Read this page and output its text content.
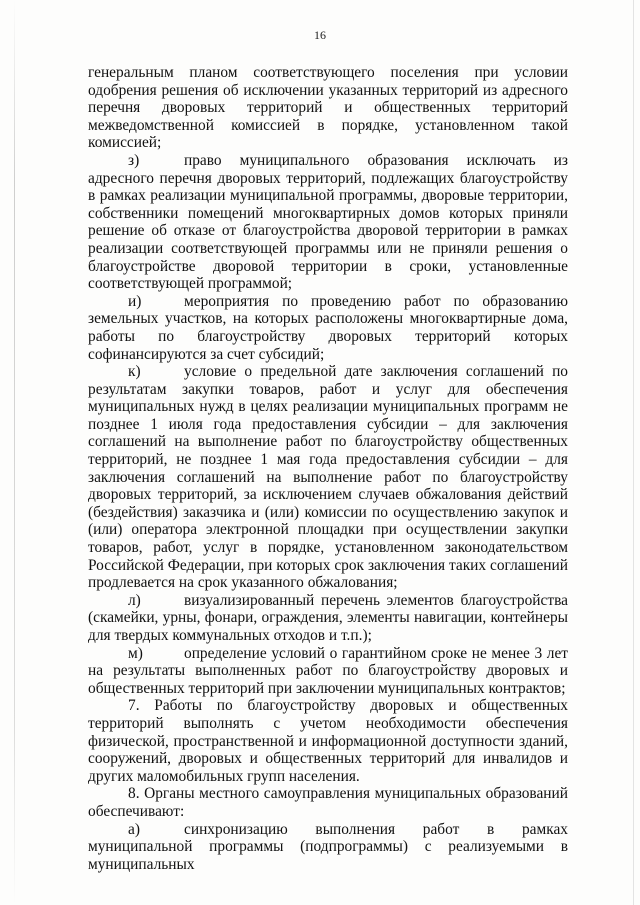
16

генеральным планом соответствующего поселения при условии одобрения решения об исключении указанных территорий из адресного перечня дворовых территорий и общественных территорий межведомственной комиссией в порядке, установленном такой комиссией;

з)	право муниципального образования исключать из адресного перечня дворовых территорий, подлежащих благоустройству в рамках реализации муниципальной программы, дворовые территории, собственники помещений многоквартирных домов которых приняли решение об отказе от благоустройства дворовой территории в рамках реализации соответствующей программы или не приняли решения о благоустройстве дворовой территории в сроки, установленные соответствующей программой;

и)	мероприятия по проведению работ по образованию земельных участков, на которых расположены многоквартирные дома, работы по благоустройству дворовых территорий которых софинансируются за счет субсидий;

к)	условие о предельной дате заключения соглашений по результатам закупки товаров, работ и услуг для обеспечения муниципальных нужд в целях реализации муниципальных программ не позднее 1 июля года предоставления субсидии – для заключения соглашений на выполнение работ по благоустройству общественных территорий, не позднее 1 мая года предоставления субсидии – для заключения соглашений на выполнение работ по благоустройству дворовых территорий, за исключением случаев обжалования действий (бездействия) заказчика и (или) комиссии по осуществлению закупок и (или) оператора электронной площадки при осуществлении закупки товаров, работ, услуг в порядке, установленном законодательством Российской Федерации, при которых срок заключения таких соглашений продлевается на срок указанного обжалования;

л)	визуализированный перечень элементов благоустройства (скамейки, урны, фонари, ограждения, элементы навигации, контейнеры для твердых коммунальных отходов и т.п.);

м)	определение условий о гарантийном сроке не менее 3 лет на результаты выполненных работ по благоустройству дворовых и общественных территорий при заключении муниципальных контрактов;

7. Работы по благоустройству дворовых и общественных территорий выполнять с учетом необходимости обеспечения физической, пространственной и информационной доступности зданий, сооружений, дворовых и общественных территорий для инвалидов и других маломобильных групп населения.

8. Органы местного самоуправления муниципальных образований обеспечивают:

а)	синхронизацию выполнения работ в рамках муниципальной программы (подпрограммы) с реализуемыми в муниципальных
